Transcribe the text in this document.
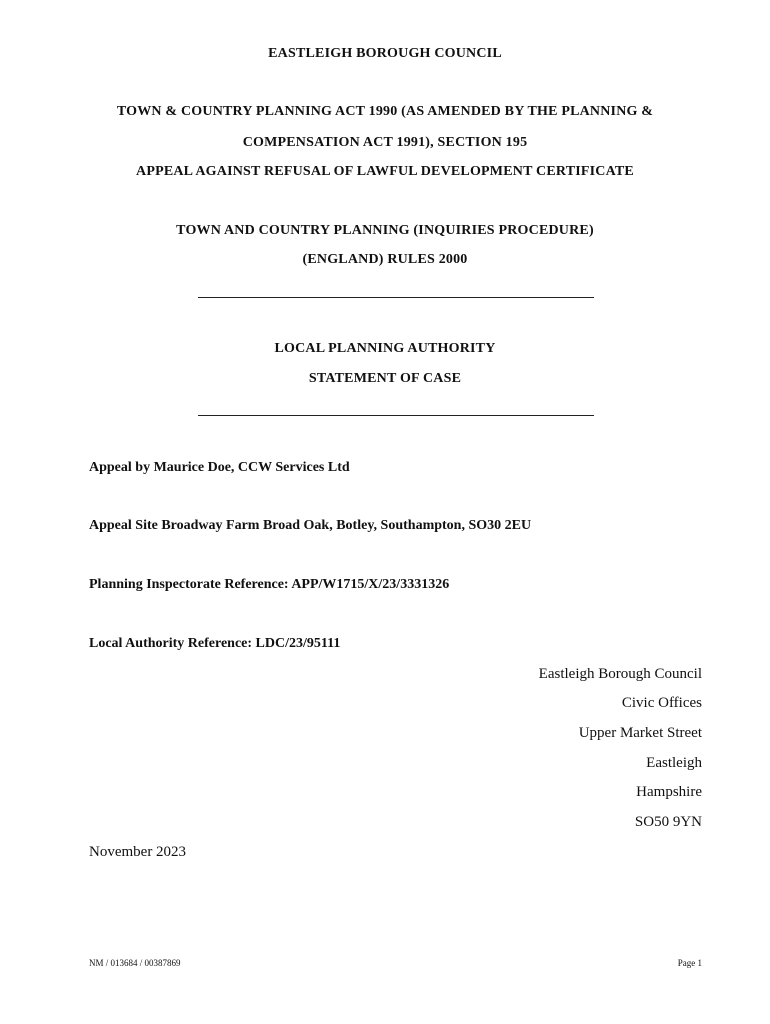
EASTLEIGH BOROUGH COUNCIL
TOWN & COUNTRY PLANNING ACT 1990 (AS AMENDED BY THE PLANNING &
COMPENSATION ACT 1991), SECTION 195
APPEAL AGAINST REFUSAL OF LAWFUL DEVELOPMENT CERTIFICATE
TOWN AND COUNTRY PLANNING (INQUIRIES PROCEDURE)
(ENGLAND) RULES 2000
LOCAL PLANNING AUTHORITY
STATEMENT OF CASE
Appeal by Maurice Doe, CCW Services Ltd
Appeal Site Broadway Farm Broad Oak, Botley, Southampton, SO30 2EU
Planning Inspectorate Reference: APP/W1715/X/23/3331326
Local Authority Reference: LDC/23/95111
Eastleigh Borough Council
Civic Offices
Upper Market Street
Eastleigh
Hampshire
SO50 9YN
November 2023
NM / 013684 / 00387869	Page 1
